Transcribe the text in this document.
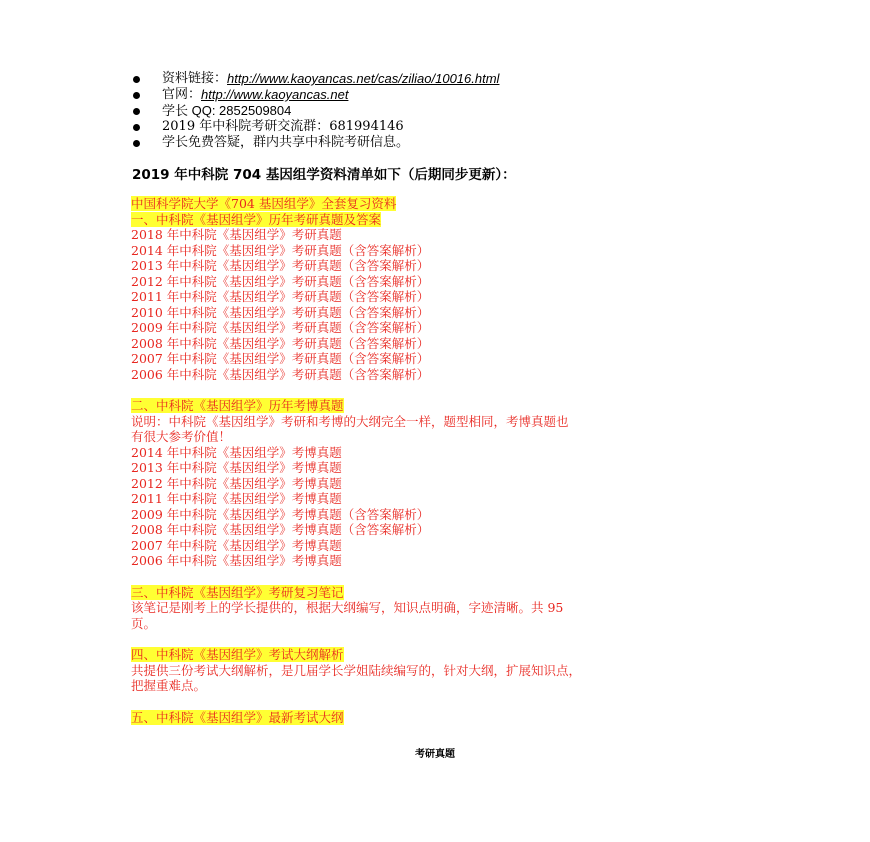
资料链接： http://www.kaoyancas.net/cas/ziliao/10016.html
官网： http://www.kaoyancas.net
学长 QQ: 2852509804
2019 年中科院考研交流群：681994146
学长免费答疑，群内共享中科院考研信息。
2019 年中科院 704 基因组学资料清单如下（后期同步更新）：
中国科学院大学《704 基因组学》全套复习资料
一、中科院《基因组学》历年考研真题及答案
2018 年中科院《基因组学》考研真题
2014 年中科院《基因组学》考研真题（含答案解析）
2013 年中科院《基因组学》考研真题（含答案解析）
2012 年中科院《基因组学》考研真题（含答案解析）
2011 年中科院《基因组学》考研真题（含答案解析）
2010 年中科院《基因组学》考研真题（含答案解析）
2009 年中科院《基因组学》考研真题（含答案解析）
2008 年中科院《基因组学》考研真题（含答案解析）
2007 年中科院《基因组学》考研真题（含答案解析）
2006 年中科院《基因组学》考研真题（含答案解析）
二、中科院《基因组学》历年考博真题
说明：中科院《基因组学》考研和考博的大纲完全一样，题型相同，考博真题也
有很大参考价值！
2014 年中科院《基因组学》考博真题
2013 年中科院《基因组学》考博真题
2012 年中科院《基因组学》考博真题
2011 年中科院《基因组学》考博真题
2009 年中科院《基因组学》考博真题（含答案解析）
2008 年中科院《基因组学》考博真题（含答案解析）
2007 年中科院《基因组学》考博真题
2006 年中科院《基因组学》考博真题
三、中科院《基因组学》考研复习笔记
该笔记是刚考上的学长提供的，根据大纲编写，知识点明确，字迹清晰。共 95
页。
四、中科院《基因组学》考试大纲解析
共提供三份考试大纲解析，是几届学长学姐陆续编写的，针对大纲，扩展知识点，
把握重难点。
五、中科院《基因组学》最新考试大纲
考研真题
